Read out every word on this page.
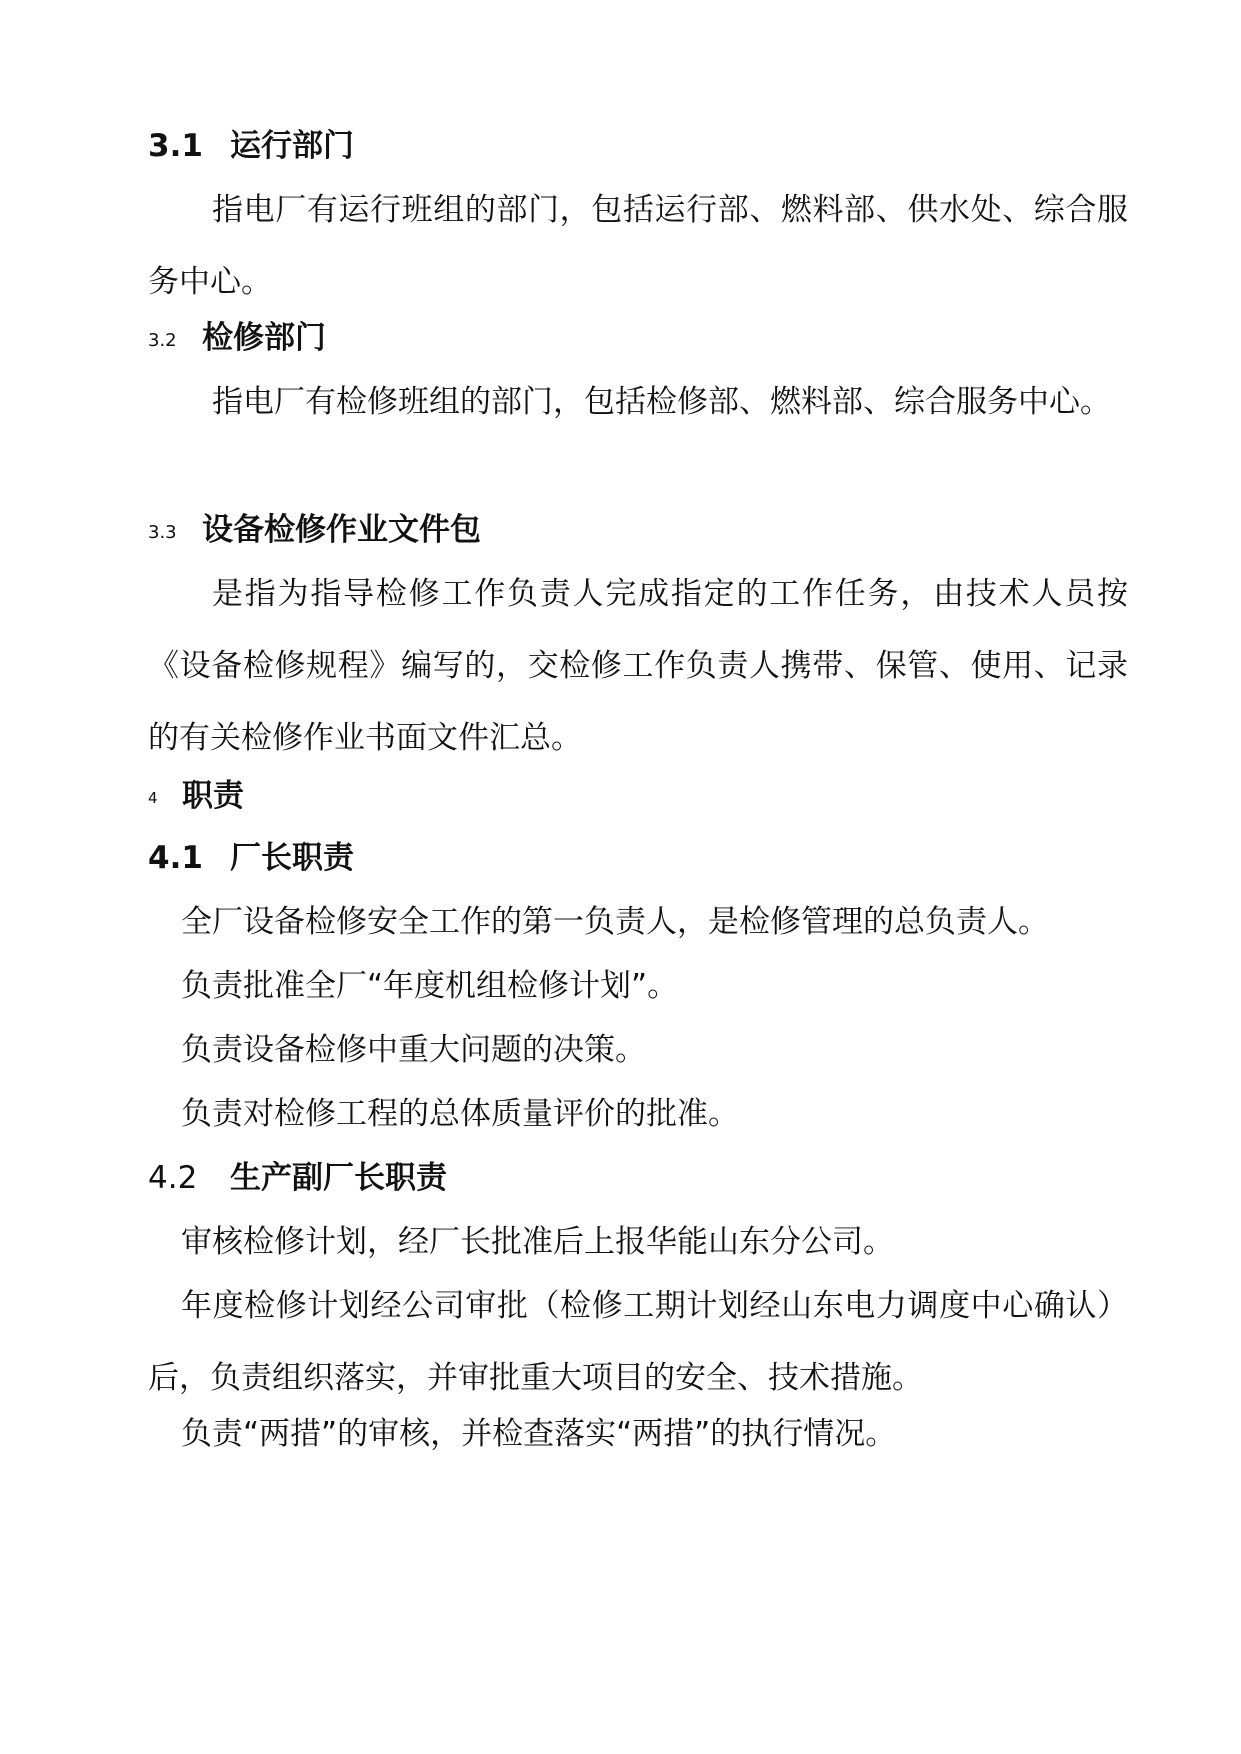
3.1 运行部门
指电厂有运行班组的部门，包括运行部、燃料部、供水处、综合服务中心。
3.2 检修部门
指电厂有检修班组的部门，包括检修部、燃料部、综合服务中心。
3.3 设备检修作业文件包
是指为指导检修工作负责人完成指定的工作任务，由技术人员按《设备检修规程》编写的，交检修工作负责人携带、保管、使用、记录的有关检修作业书面文件汇总。
4 职责
4.1 厂长职责
全厂设备检修安全工作的第一负责人，是检修管理的总负责人。
负责批准全厂“年度机组检修计划”。
负责设备检修中重大问题的决策。
负责对检修工程的总体质量评价的批准。
4.2 生产副厂长职责
审核检修计划，经厂长批准后上报华能山东分公司。
年度检修计划经公司审批（检修工期计划经山东电力调度中心确认）后，负责组织落实，并审批重大项目的安全、技术措施。
负责“两措”的审核，并检查落实“两措”的执行情况。
